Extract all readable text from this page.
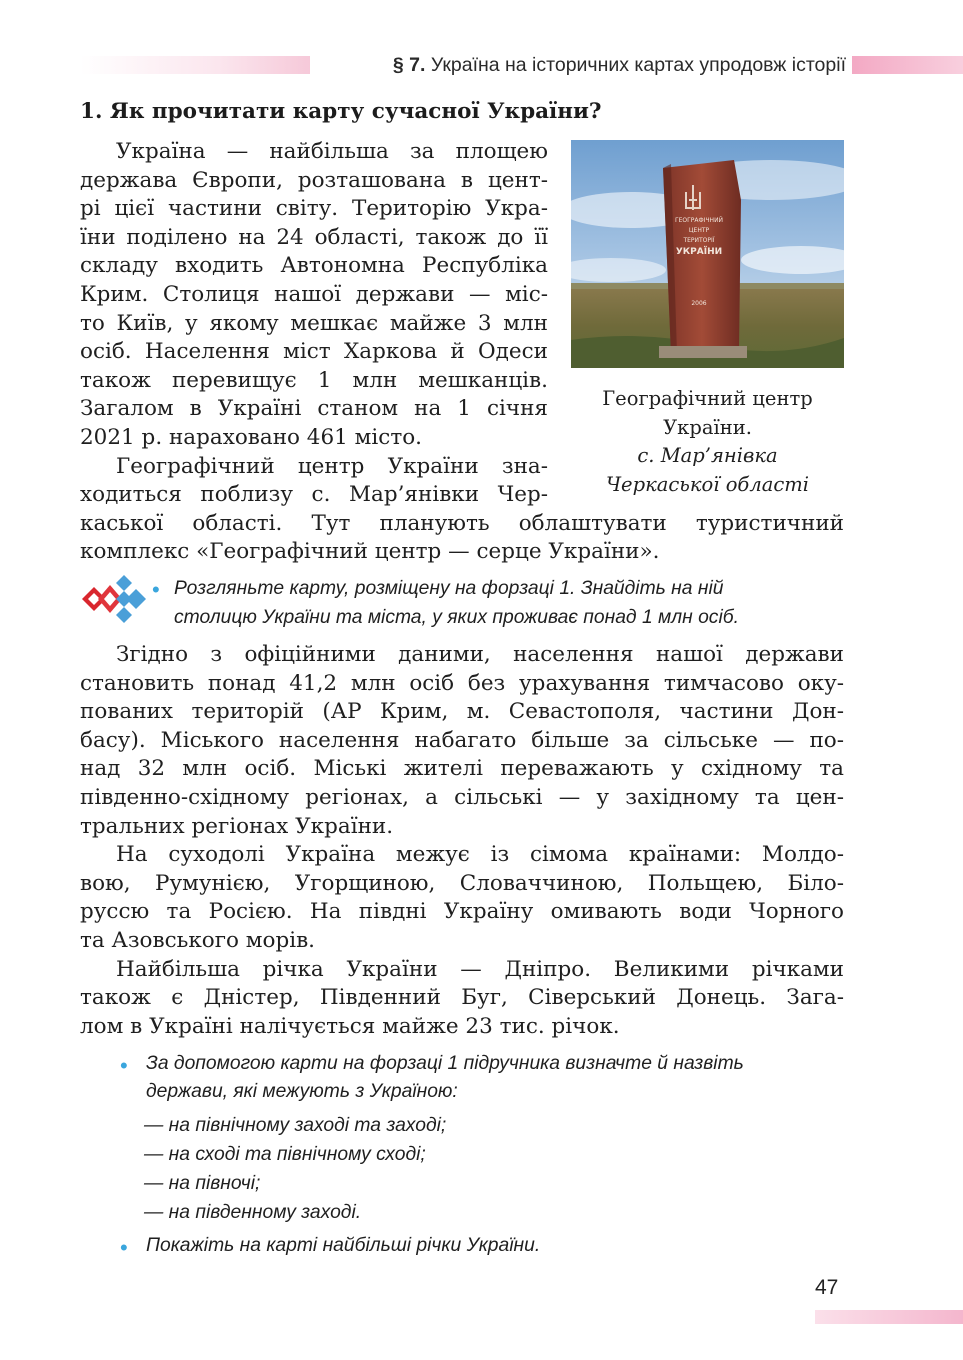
§ 7. Україна на історичних картах упродовж історії
1. Як прочитати карту сучасної України?

Україна — найбільша за площею

держава Європи, розташована в цент-

рі цієї частини світу. Територію Укра-

їни поділено на 24 області, також до її

складу входить Автономна Республіка

Крим. Столиця нашої держави — міс-

то Київ, у якому мешкає майже 3 млн

осіб. Населення міст Харкова й Одеси

також перевищує 1 млн мешканців.

Загалом в Україні станом на 1 січня

2021 р. нараховано 461 місто.

ГЕОГРАФІЧНИЙ
ЦЕНТР
ТЕРИТОРІЇ
УКРАЇНИ
2006
Географічний центр
України.
с. Мар’янівка
Черкаської області

Географічний центр України зна-

ходиться поблизу с. Мар’янівки Чер-

каської області. Тут планують облаштувати туристичний

комплекс «Географічний центр — серце України».

• Розгляньте карту, розміщену на форзаці 1. Знайдіть на ній

столицю України та міста, у яких проживає понад 1 млн осіб.

Згідно з офіційними даними, населення нашої держави

становить понад 41,2 млн осіб без урахування тимчасово оку-

пованих територій (АР Крим, м. Севастополя, частини Дон-

басу). Міського населення набагато більше за сільське — по-

над 32 млн осіб. Міські жителі переважають у східному та

південно-східному регіонах, а сільські — у західному та цен-

тральних регіонах України.

На суходолі Україна межує із сімома країнами: Молдо-

вою, Румунією, Угорщиною, Словаччиною, Польщею, Біло-

руссю та Росією. На півдні Україну омивають води Чорного

та Азовського морів.

Найбільша річка України — Дніпро. Великими річками

також є Дністер, Південний Буг, Сіверський Донець. Зага-

лом в Україні налічується майже 23 тис. річок.

• За допомогою карти на форзаці 1 підручника визначте й назвіть

держави, які межують з Україною:

— на північному заході та заході;
— на сході та північному сході;
— на півночі;
— на південному заході.
• Покажіть на карті найбільші річки України.

47
